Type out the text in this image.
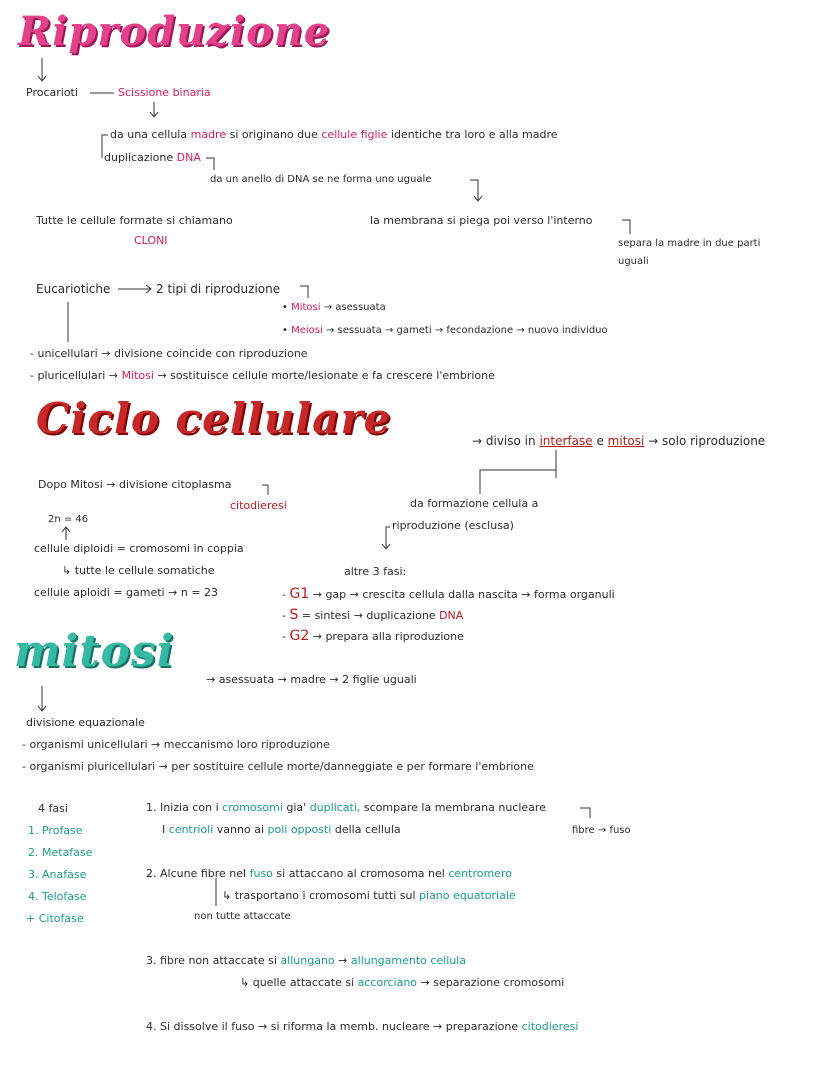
Riproduzione
Procarioti	Scissione binaria
da una cellula madre si originano due cellule figlie identiche tra loro e alla madre
duplicazione DNA
da un anello di DNA se ne forma uno uguale
Tutte le cellule formate si chiamano
CLONI
la membrana si piega poi verso l'interno
separa la madre in due parti
uguali
Eucariotiche	2 tipi di riproduzione
• Mitosi → asessuata
• Meiosi → sessuata → gameti → fecondazione → nuovo individuo
- unicellulari → divisione coincide con riproduzione
- pluricellulari → Mitosi → sostituisce cellule morte/lesionate e fa crescere l'embrione
Ciclo cellulare	→ diviso in interfase e mitosi → solo riproduzione
Dopo Mitosi → divisione citoplasma
citodieresi	da formazione cellula a
riproduzione (esclusa)
2n = 46
cellule diploidi = cromosomi in coppia
↳ tutte le cellule somatiche
cellule aploidi = gameti → n = 23
altre 3 fasi:
- G1 → gap → crescita cellula dalla nascita → forma organuli
- S = sintesi → duplicazione DNA
- G2 → prepara alla riproduzione
mitosi
→ asessuata → madre → 2 figlie uguali
divisione equazionale
- organismi unicellulari → meccanismo loro riproduzione
- organismi pluricellulari → per sostituire cellule morte/danneggiate e per formare l'embrione
4 fasi
1. Profase
2. Metafase
3. Anafase
4. Telofase
+ Citofase
1. Inizia con i cromosomi gia' duplicati, scompare la membrana nucleare
I centrioli vanno ai poli opposti della cellula	fibre → fuso
2. Alcune fibre nel fuso si attaccano al cromosoma nel centromero
↳ trasportano i cromosomi tutti sul piano equatoriale
non tutte attaccate
3. fibre non attaccate si allungano → allungamento cellula
↳ quelle attaccate si accorciano → separazione cromosomi
4. Si dissolve il fuso → si riforma la memb. nucleare → preparazione citodieresi
